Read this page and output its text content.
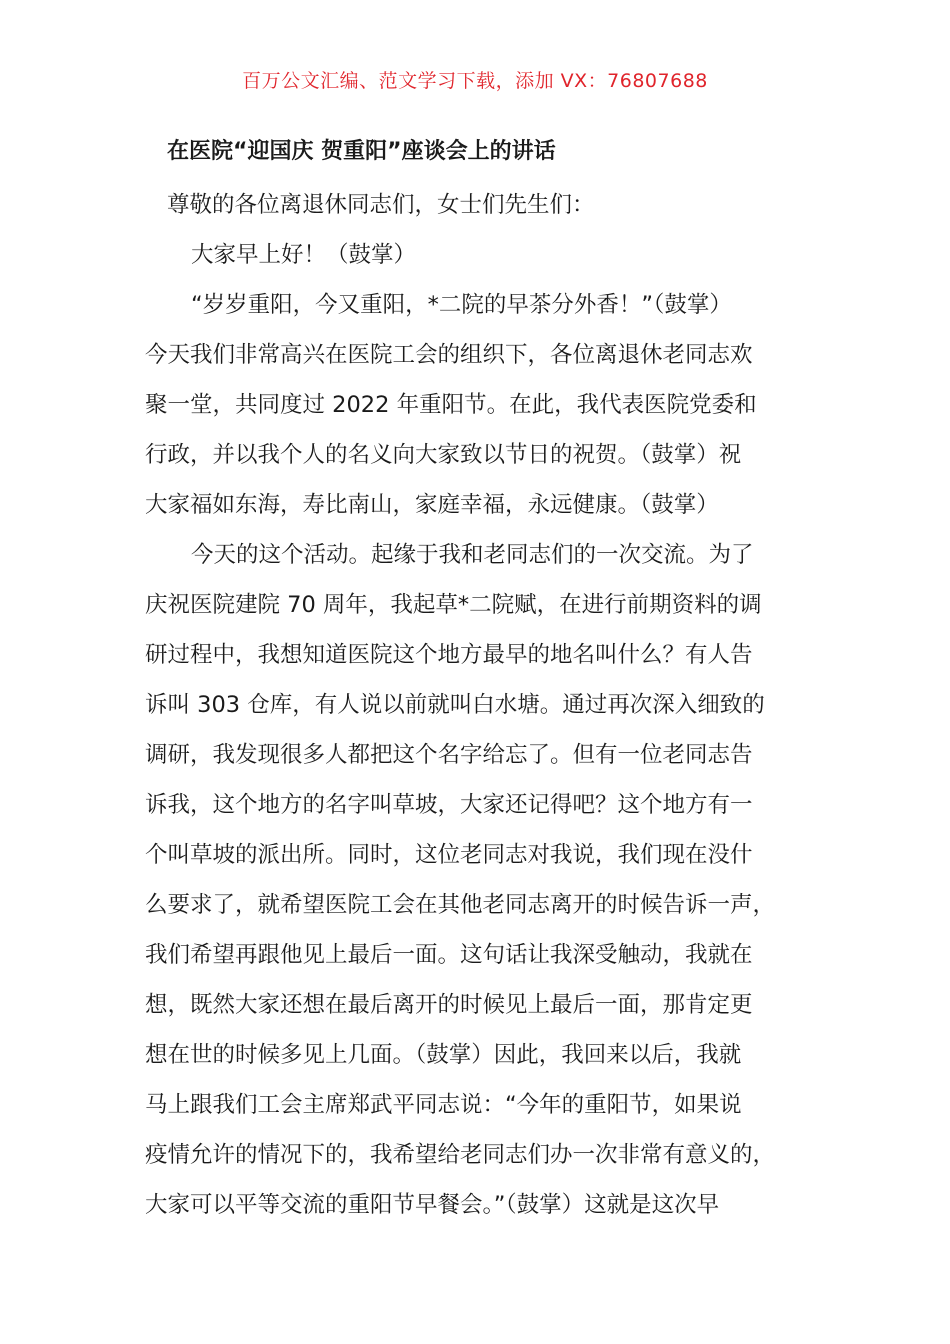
百万公文汇编、范文学习下载，添加 VX：76807688
在医院“迎国庆 贺重阳”座谈会上的讲话
尊敬的各位离退休同志们，女士们先生们：

大家早上好！（鼓掌）

“岁岁重阳，今又重阳，*二院的早茶分外香！”（鼓掌）
今天我们非常高兴在医院工会的组织下，各位离退休老同志欢
聚一堂，共同度过 2022 年重阳节。在此，我代表医院党委和
行政，并以我个人的名义向大家致以节日的祝贺。（鼓掌）祝
大家福如东海，寿比南山，家庭幸福，永远健康。（鼓掌）

今天的这个活动。起缘于我和老同志们的一次交流。为了
庆祝医院建院 70 周年，我起草*二院赋，在进行前期资料的调
研过程中，我想知道医院这个地方最早的地名叫什么？有人告
诉叫 303 仓库，有人说以前就叫白水塘。通过再次深入细致的
调研，我发现很多人都把这个名字给忘了。但有一位老同志告
诉我，这个地方的名字叫草坡，大家还记得吧？这个地方有一
个叫草坡的派出所。同时，这位老同志对我说，我们现在没什
么要求了，就希望医院工会在其他老同志离开的时候告诉一声，
我们希望再跟他见上最后一面。这句话让我深受触动，我就在
想，既然大家还想在最后离开的时候见上最后一面，那肯定更
想在世的时候多见上几面。（鼓掌）因此，我回来以后，我就
马上跟我们工会主席郑武平同志说：“今年的重阳节，如果说
疫情允许的情况下的，我希望给老同志们办一次非常有意义的，
大家可以平等交流的重阳节早餐会。”（鼓掌）这就是这次早
